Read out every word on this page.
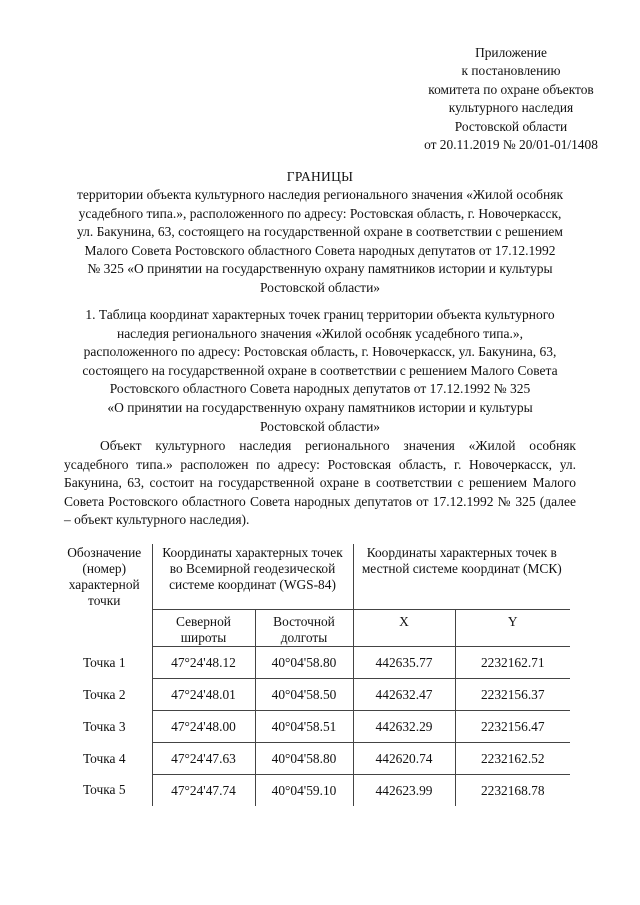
Приложение
к постановлению
комитета по охране объектов
культурного наследия
Ростовской области
от 20.11.2019 № 20/01-01/1408
ГРАНИЦЫ
территории объекта культурного наследия регионального значения «Жилой особняк
усадебного типа.», расположенного по адресу: Ростовская область, г. Новочеркасск,
ул. Бакунина, 63, состоящего на государственной охране в соответствии с решением
Малого Совета Ростовского областного Совета народных депутатов от 17.12.1992
№ 325 «О принятии на государственную охрану памятников истории и культуры
Ростовской области»
1. Таблица координат характерных точек границ территории объекта культурного
наследия регионального значения «Жилой особняк усадебного типа.»,
расположенного по адресу: Ростовская область, г. Новочеркасск, ул. Бакунина, 63,
состоящего на государственной охране в соответствии с решением Малого Совета
Ростовского областного Совета народных депутатов от 17.12.1992 № 325
«О принятии на государственную охрану памятников истории и культуры
Ростовской области»
Объект культурного наследия регионального значения «Жилой особняк усадебного типа.» расположен по адресу: Ростовская область, г. Новочеркасск, ул. Бакунина, 63, состоит на государственной охране в соответствии с решением Малого Совета Ростовского областного Совета народных депутатов от 17.12.1992 № 325 (далее – объект культурного наследия).
Обозначение (номер) характерной точки	Координаты характерных точек во Всемирной геодезической системе координат (WGS-84)		Координаты характерных точек в местной системе координат (МСК)	
	Северной широты	Восточной долготы	X	Y
Точка 1	47°24'48.12	40°04'58.80	442635.77	2232162.71
Точка 2	47°24'48.01	40°04'58.50	442632.47	2232156.37
Точка 3	47°24'48.00	40°04'58.51	442632.29	2232156.47
Точка 4	47°24'47.63	40°04'58.80	442620.74	2232162.52
Точка 5	47°24'47.74	40°04'59.10	442623.99	2232168.78
